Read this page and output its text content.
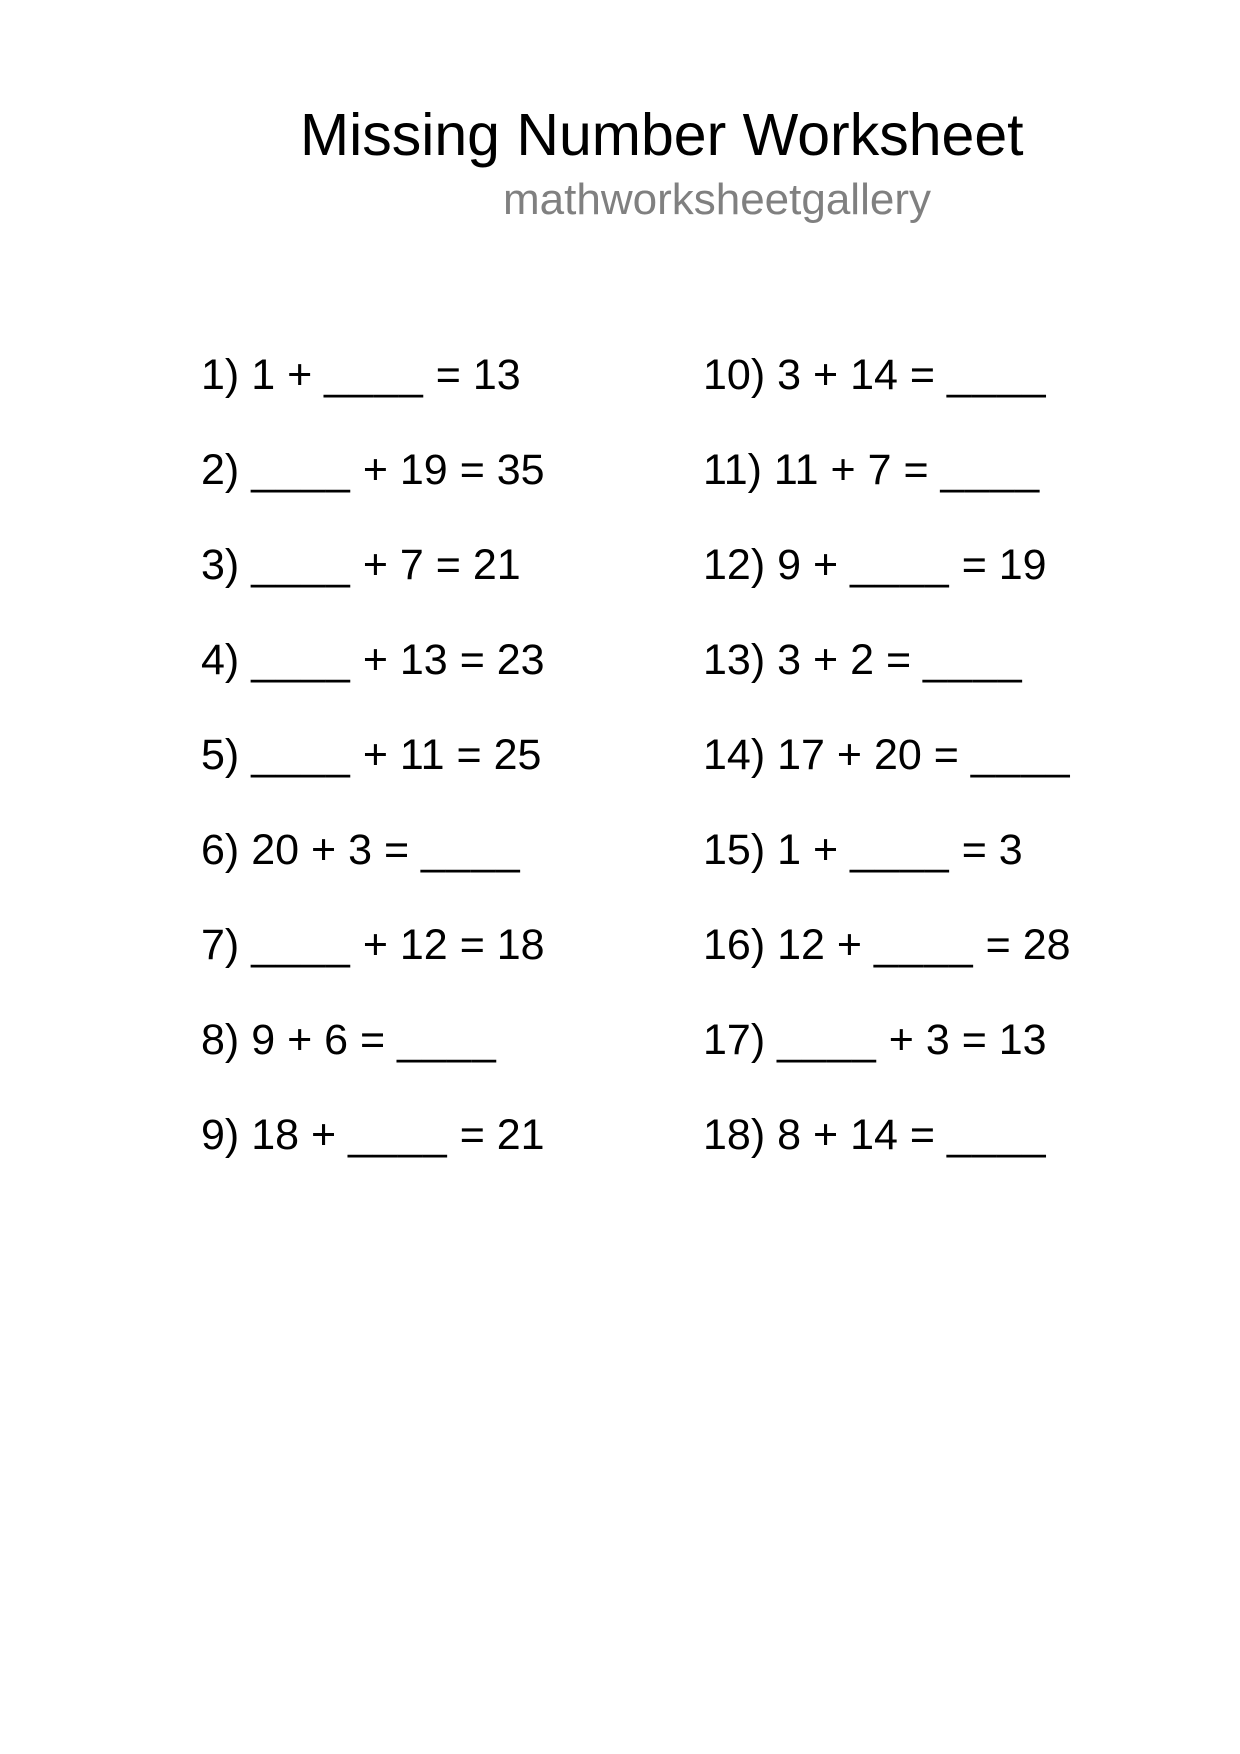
Missing Number Worksheet
mathworksheetgallery
1) 1 + ____ = 13
2) ____ + 19 = 35
3) ____ + 7 = 21
4) ____ + 13 = 23
5) ____ + 11 = 25
6) 20 + 3 = ____
7) ____ + 12 = 18
8) 9 + 6 = ____
9) 18 + ____ = 21
10) 3 + 14 = ____
11) 11 + 7 = ____
12) 9 + ____ = 19
13) 3 + 2 = ____
14) 17 + 20 = ____
15) 1 + ____ = 3
16) 12 + ____ = 28
17) ____ + 3 = 13
18) 8 + 14 = ____
